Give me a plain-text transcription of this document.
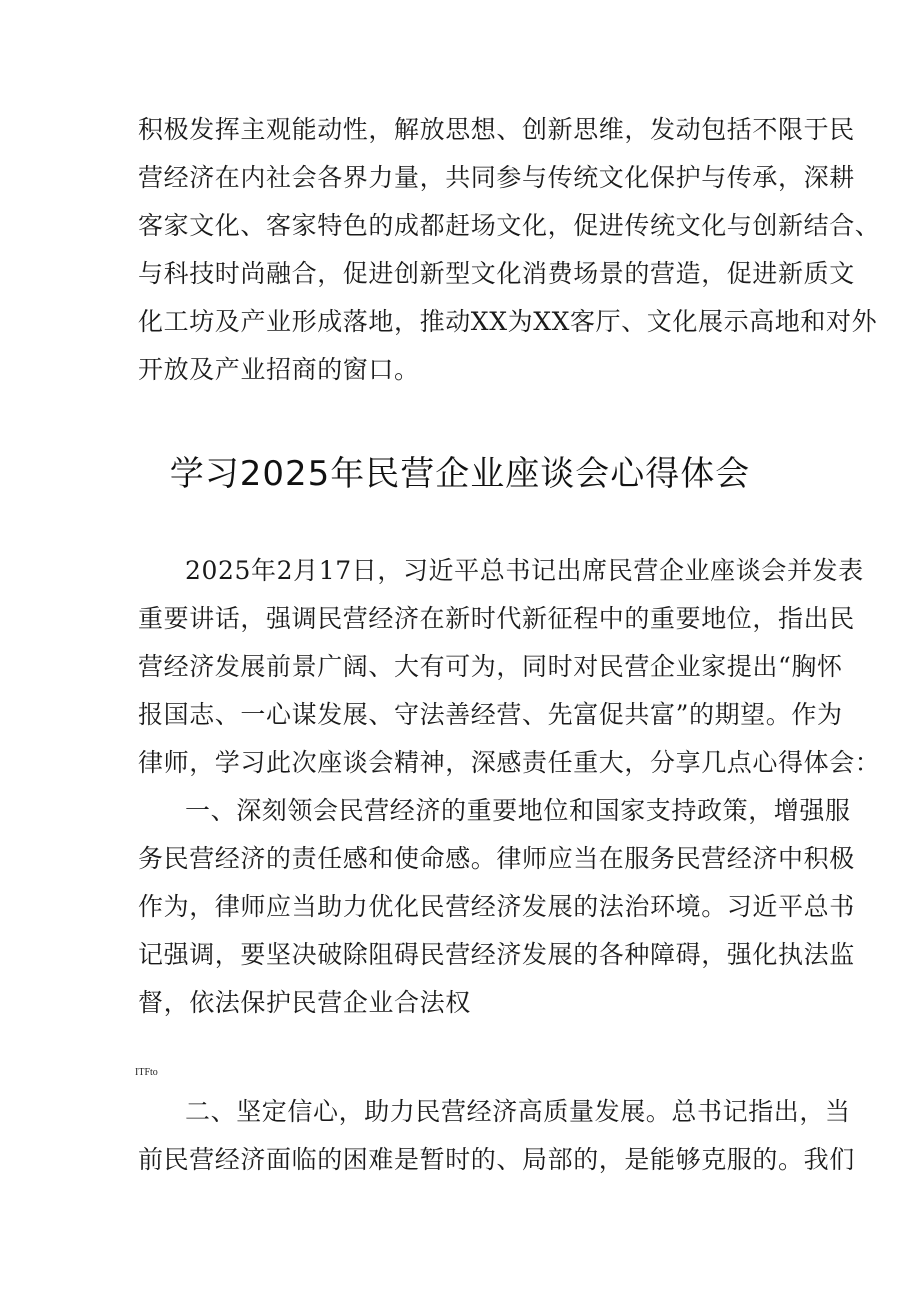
积极发挥主观能动性，解放思想、创新思维，发动包括不限于民
营经济在内社会各界力量，共同参与传统文化保护与传承，深耕
客家文化、客家特色的成都赶场文化，促进传统文化与创新结合、
与科技时尚融合，促进创新型文化消费场景的营造，促进新质文
化工坊及产业形成落地，推动XX为XX客厅、文化展示高地和对外
开放及产业招商的窗口。
学习2025年民营企业座谈会心得体会
2025年2月17日，习近平总书记出席民营企业座谈会并发表
重要讲话，强调民营经济在新时代新征程中的重要地位，指出民
营经济发展前景广阔、大有可为，同时对民营企业家提出“胸怀
报国志、一心谋发展、守法善经营、先富促共富”的期望。作为
律师，学习此次座谈会精神，深感责任重大，分享几点心得体会：
一、深刻领会民营经济的重要地位和国家支持政策，增强服
务民营经济的责任感和使命感。律师应当在服务民营经济中积极
作为，律师应当助力优化民营经济发展的法治环境。习近平总书
记强调，要坚决破除阻碍民营经济发展的各种障碍，强化执法监
督，依法保护民营企业合法权
ITFto
二、坚定信心，助力民营经济高质量发展。总书记指出，当
前民营经济面临的困难是暂时的、局部的，是能够克服的。我们
